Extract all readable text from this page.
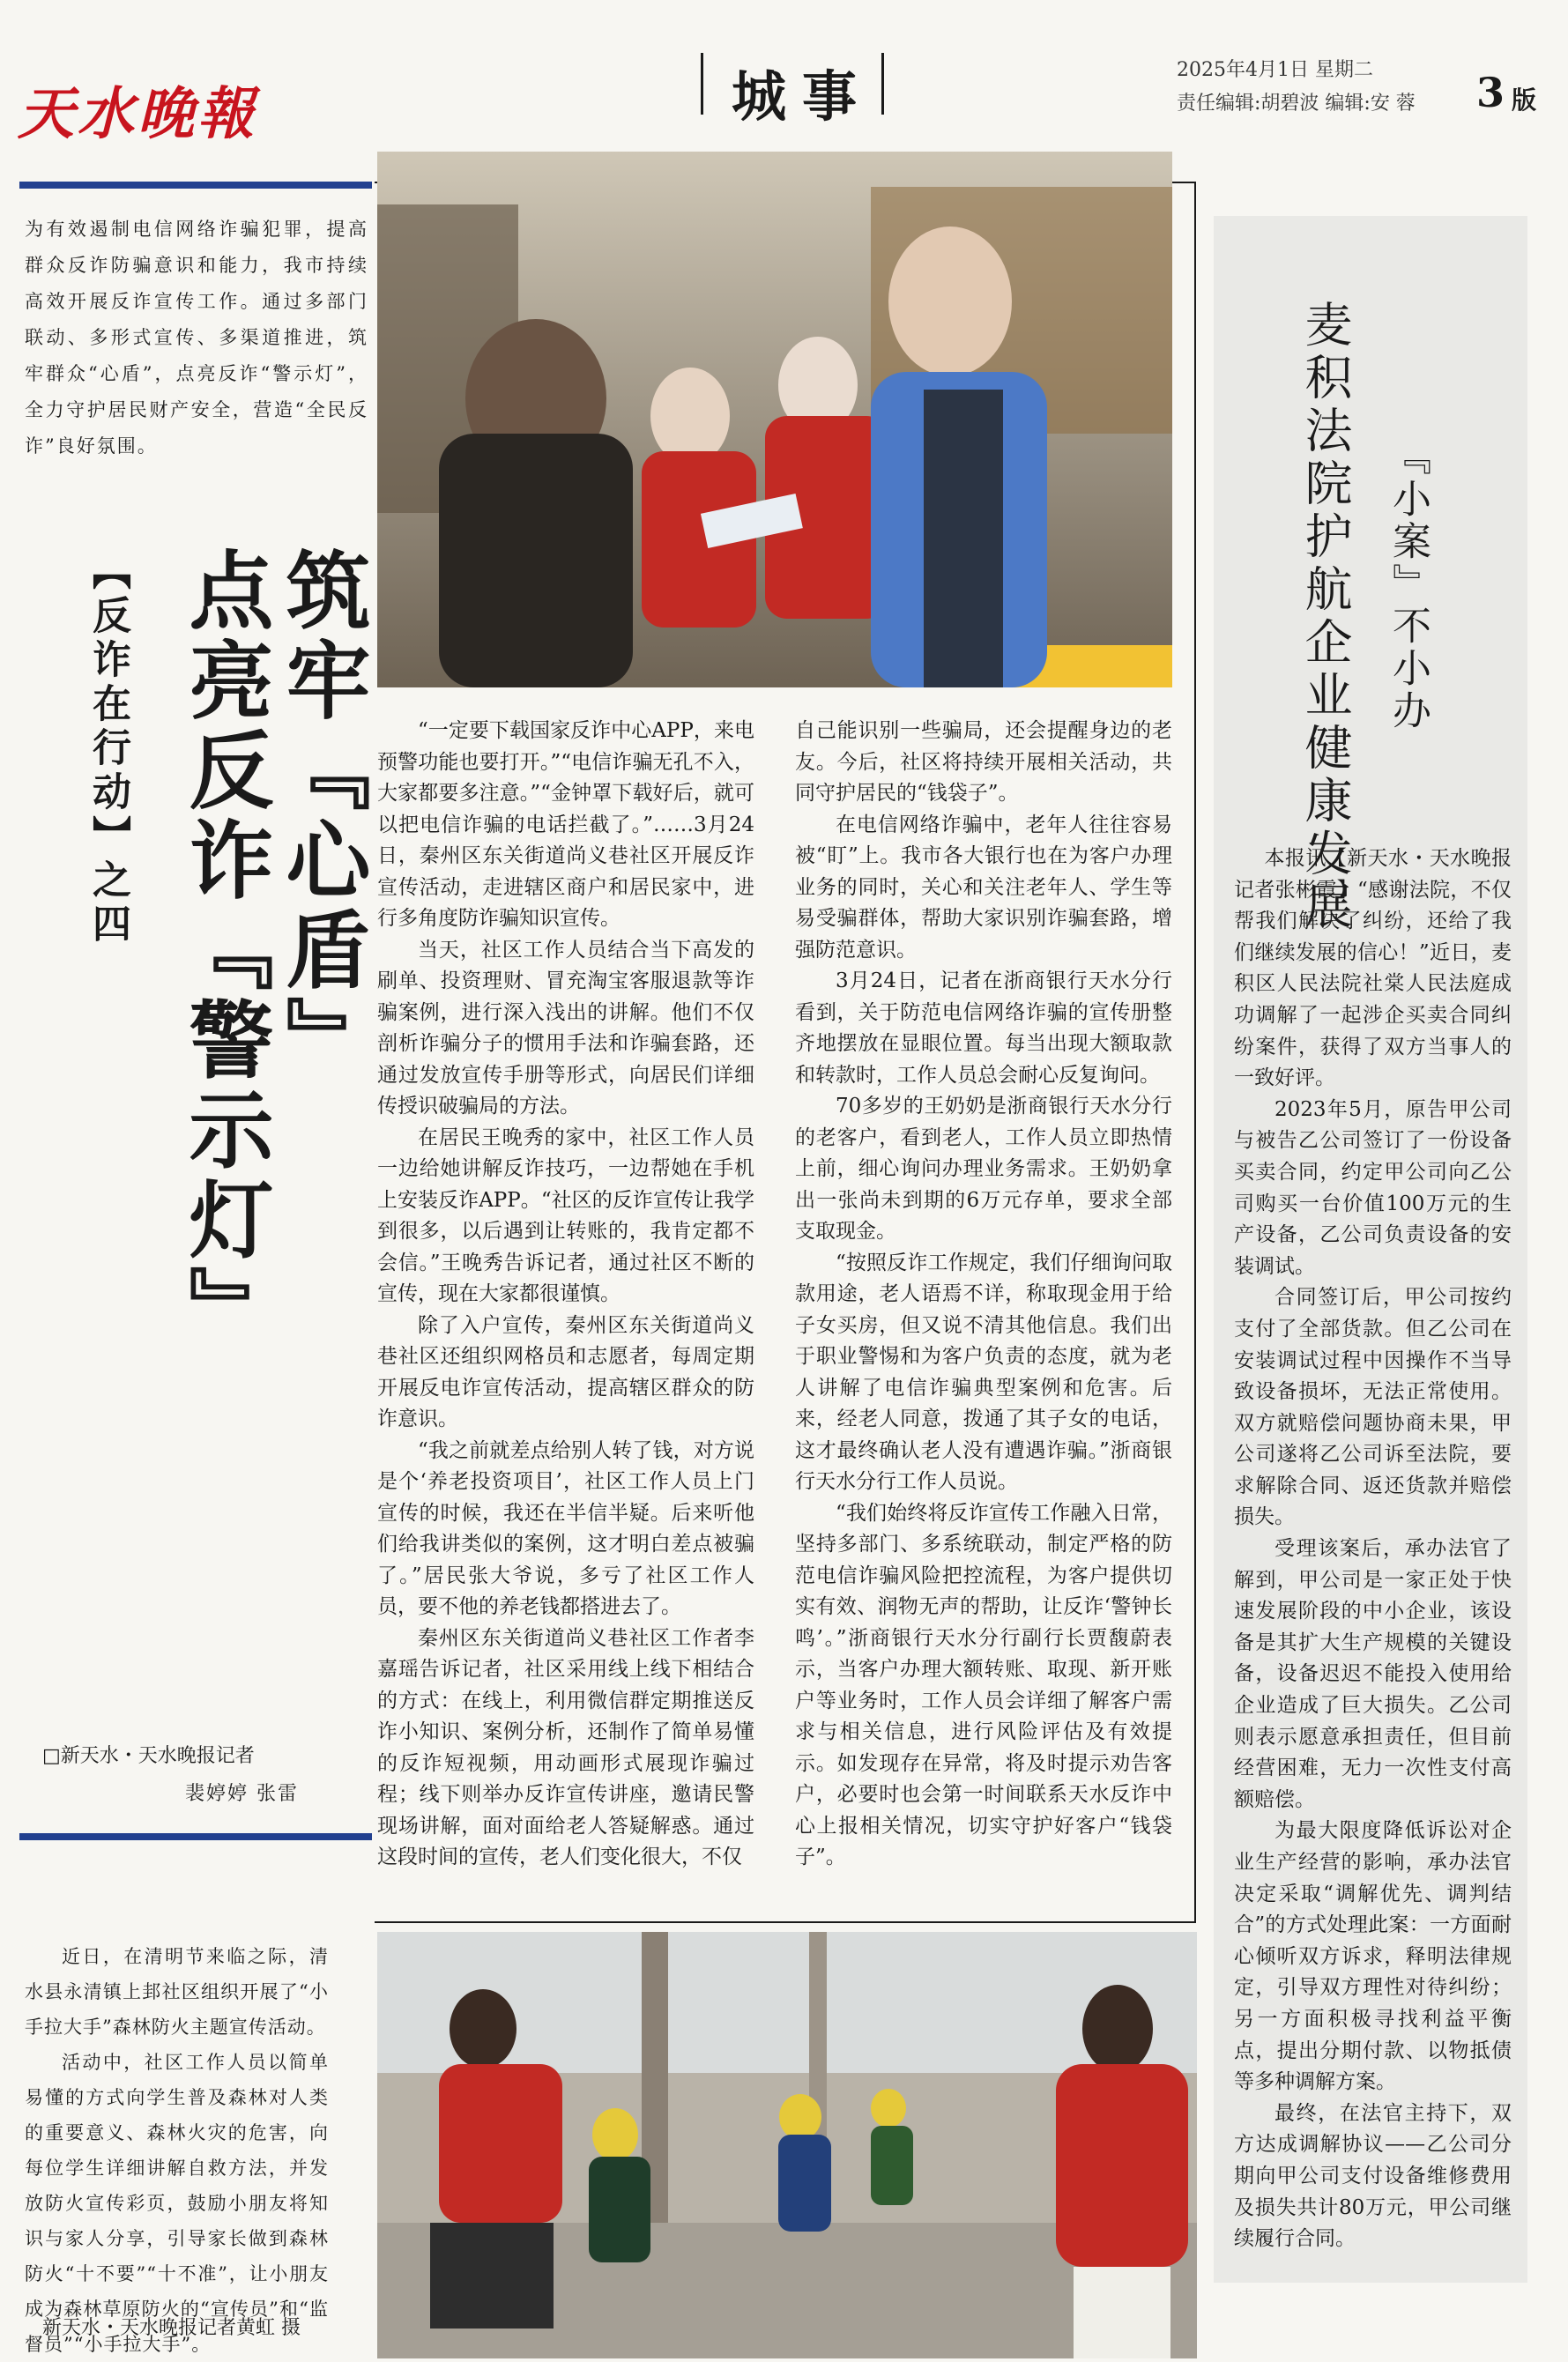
天水晚報	城事	2025年4月1日 星期二
责任编辑:胡碧波 编辑:安 蓉 3 版
为有效遏制电信网络诈骗犯罪，提高群众反诈防骗意识和能力，我市持续高效开展反诈宣传工作。通过多部门联动、多形式宣传、多渠道推进，筑牢群众“心盾”，点亮反诈“警示灯”，全力守护居民财产安全，营造“全民反诈”良好氛围。
【反诈在行动】之四 筑牢『心盾』
点亮反诈『警示灯』
□新天水・天水晚报记者
裴婷婷 张雷

“一定要下载国家反诈中心APP，来电预警功能也要打开。”“电信诈骗无孔不入，大家都要多注意。”“金钟罩下载好后，就可以把电信诈骗的电话拦截了。”……3月24日，秦州区东关街道尚义巷社区开展反诈宣传活动，走进辖区商户和居民家中，进行多角度防诈骗知识宣传。

当天，社区工作人员结合当下高发的刷单、投资理财、冒充淘宝客服退款等诈骗案例，进行深入浅出的讲解。他们不仅剖析诈骗分子的惯用手法和诈骗套路，还通过发放宣传手册等形式，向居民们详细传授识破骗局的方法。

在居民王晚秀的家中，社区工作人员一边给她讲解反诈技巧，一边帮她在手机上安装反诈APP。“社区的反诈宣传让我学到很多，以后遇到让转账的，我肯定都不会信。”王晚秀告诉记者，通过社区不断的宣传，现在大家都很谨慎。

除了入户宣传，秦州区东关街道尚义巷社区还组织网格员和志愿者，每周定期开展反电诈宣传活动，提高辖区群众的防诈意识。

“我之前就差点给别人转了钱，对方说是个‘养老投资项目’，社区工作人员上门宣传的时候，我还在半信半疑。后来听他们给我讲类似的案例，这才明白差点被骗了。”居民张大爷说，多亏了社区工作人员，要不他的养老钱都搭进去了。

秦州区东关街道尚义巷社区工作者李嘉瑶告诉记者，社区采用线上线下相结合的方式：在线上，利用微信群定期推送反诈小知识、案例分析，还制作了简单易懂的反诈短视频，用动画形式展现诈骗过程；线下则举办反诈宣传讲座，邀请民警现场讲解，面对面给老人答疑解惑。通过这段时间的宣传，老人们变化很大，不仅

自己能识别一些骗局，还会提醒身边的老友。今后，社区将持续开展相关活动，共同守护居民的“钱袋子”。

在电信网络诈骗中，老年人往往容易被“盯”上。我市各大银行也在为客户办理业务的同时，关心和关注老年人、学生等易受骗群体，帮助大家识别诈骗套路，增强防范意识。

3月24日，记者在浙商银行天水分行看到，关于防范电信网络诈骗的宣传册整齐地摆放在显眼位置。每当出现大额取款和转款时，工作人员总会耐心反复询问。

70多岁的王奶奶是浙商银行天水分行的老客户，看到老人，工作人员立即热情上前，细心询问办理业务需求。王奶奶拿出一张尚未到期的6万元存单，要求全部支取现金。

“按照反诈工作规定，我们仔细询问取款用途，老人语焉不详，称取现金用于给子女买房，但又说不清其他信息。我们出于职业警惕和为客户负责的态度，就为老人讲解了电信诈骗典型案例和危害。后来，经老人同意，拨通了其子女的电话，这才最终确认老人没有遭遇诈骗。”浙商银行天水分行工作人员说。

“我们始终将反诈宣传工作融入日常，坚持多部门、多系统联动，制定严格的防范电信诈骗风险把控流程，为客户提供切实有效、润物无声的帮助，让反诈‘警钟长鸣’。”浙商银行天水分行副行长贾馥蔚表示，当客户办理大额转账、取现、新开账户等业务时，工作人员会详细了解客户需求与相关信息，进行风险评估及有效提示。如发现存在异常，将及时提示劝告客户，必要时也会第一时间联系天水反诈中心上报相关情况，切实守护好客户“钱袋子”。

麦积法院护航企业健康发展 『小案』不小办

本报讯【新天水・天水晚报记者张彬霞】“感谢法院，不仅帮我们解决了纠纷，还给了我们继续发展的信心！”近日，麦积区人民法院社棠人民法庭成功调解了一起涉企买卖合同纠纷案件，获得了双方当事人的一致好评。

2023年5月，原告甲公司与被告乙公司签订了一份设备买卖合同，约定甲公司向乙公司购买一台价值100万元的生产设备，乙公司负责设备的安装调试。

合同签订后，甲公司按约支付了全部货款。但乙公司在安装调试过程中因操作不当导致设备损坏，无法正常使用。双方就赔偿问题协商未果，甲公司遂将乙公司诉至法院，要求解除合同、返还货款并赔偿损失。

受理该案后，承办法官了解到，甲公司是一家正处于快速发展阶段的中小企业，该设备是其扩大生产规模的关键设备，设备迟迟不能投入使用给企业造成了巨大损失。乙公司则表示愿意承担责任，但目前经营困难，无力一次性支付高额赔偿。

为最大限度降低诉讼对企业生产经营的影响，承办法官决定采取“调解优先、调判结合”的方式处理此案：一方面耐心倾听双方诉求，释明法律规定，引导双方理性对待纠纷；另一方面积极寻找利益平衡点，提出分期付款、以物抵债等多种调解方案。

最终，在法官主持下，双方达成调解协议——乙公司分期向甲公司支付设备维修费用及损失共计80万元，甲公司继续履行合同。

近日，在清明节来临之际，清水县永清镇上邽社区组织开展了“小手拉大手”森林防火主题宣传活动。

活动中，社区工作人员以简单易懂的方式向学生普及森林对人类的重要意义、森林火灾的危害，向每位学生详细讲解自救方法，并发放防火宣传彩页，鼓励小朋友将知识与家人分享，引导家长做到森林防火“十不要”“十不准”，让小朋友成为森林草原防火的“宣传员”和“监督员”“小手拉大手”。

新天水・天水晚报记者黄虹 摄
